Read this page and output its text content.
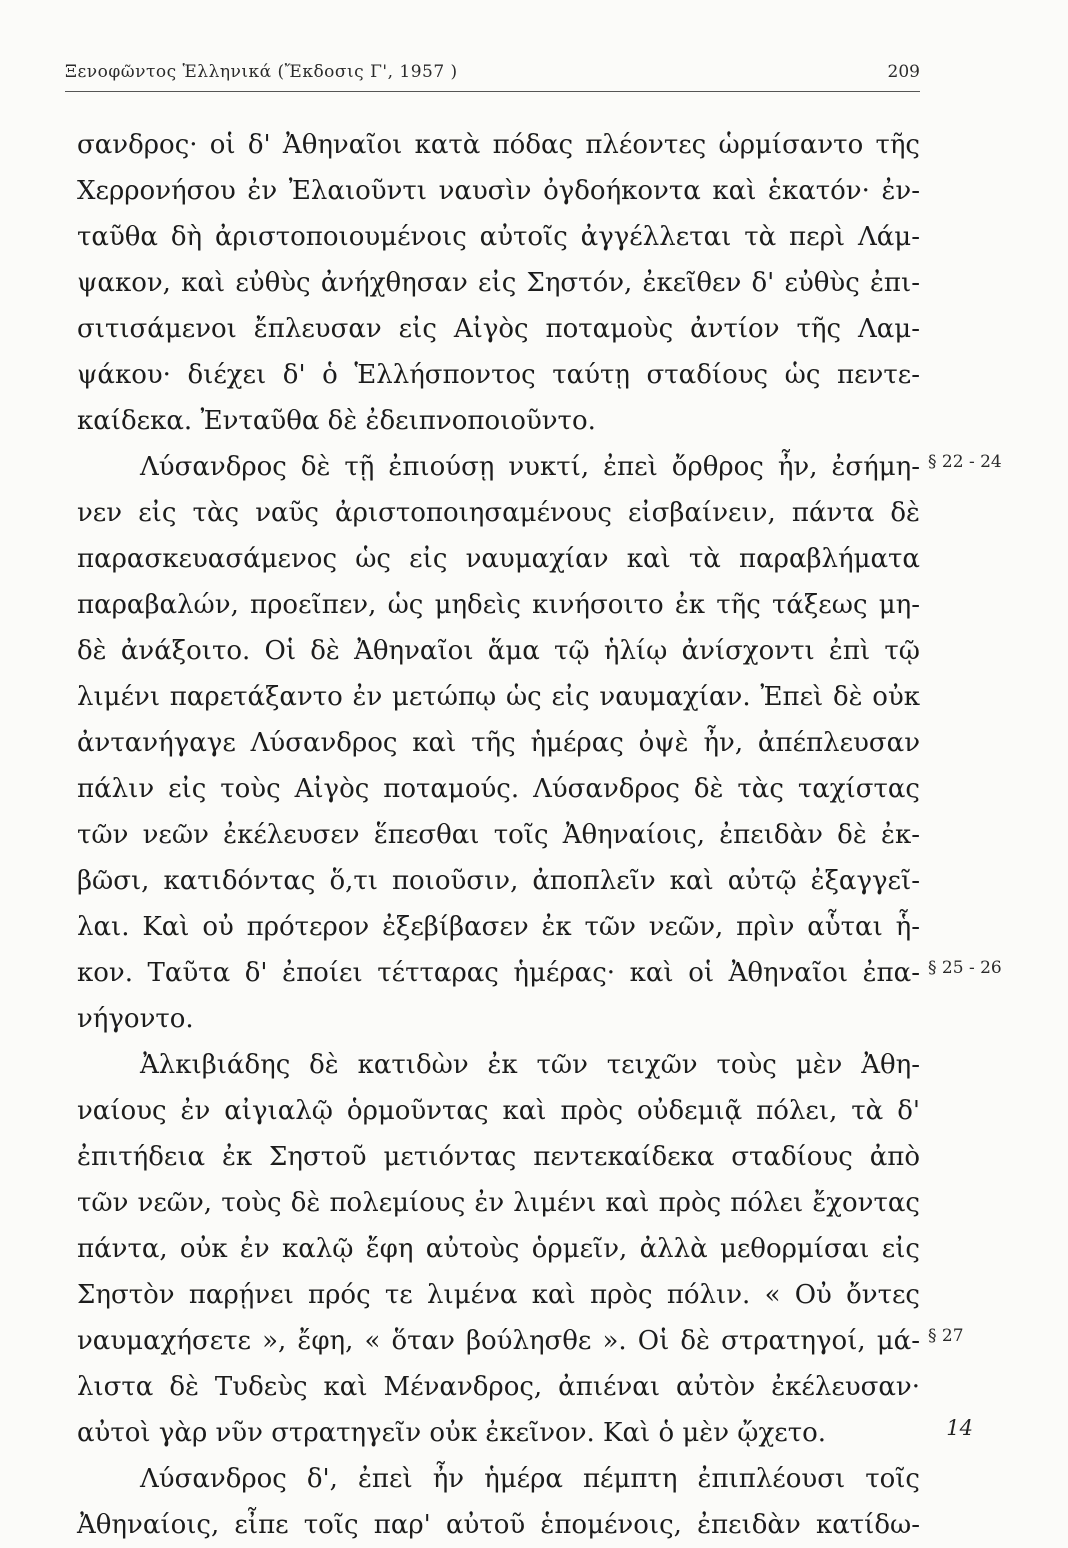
Ξενοφῶντος Ἑλληνικά (Ἔκδοσις Γ', 1957 )	209
σανδρος· οἱ δ' Ἀθηναῖοι κατὰ πόδας πλέοντες ὡρμίσαντο τῆς
Χερρονήσου ἐν Ἐλαιοῦντι ναυσὶν ὀγδοήκοντα καὶ ἑκατόν· ἐν-
ταῦθα δὴ ἀριστοποιουμένοις αὐτοῖς ἀγγέλλεται τὰ περὶ Λάμ-
ψακον, καὶ εὐθὺς ἀνήχθησαν εἰς Σηστόν, ἐκεῖθεν δ' εὐθὺς ἐπι-
σιτισάμενοι ἔπλευσαν εἰς Αἰγὸς ποταμοὺς ἀντίον τῆς Λαμ-
ψάκου· διέχει δ' ὁ Ἑλλήσποντος ταύτῃ σταδίους ὡς πεντε-
καίδεκα. Ἐνταῦθα δὲ ἐδειπνοποιοῦντο.
Λύσανδρος δὲ τῇ ἐπιούσῃ νυκτί, ἐπεὶ ὄρθρος ἦν, ἐσήμη-
νεν εἰς τὰς ναῦς ἀριστοποιησαμένους εἰσβαίνειν, πάντα δὲ
παρασκευασάμενος ὡς εἰς ναυμαχίαν καὶ τὰ παραβλήματα
παραβαλών, προεῖπεν, ὡς μηδεὶς κινήσοιτο ἐκ τῆς τάξεως μη-
δὲ ἀνάξοιτο. Οἱ δὲ Ἀθηναῖοι ἅμα τῷ ἡλίῳ ἀνίσχοντι ἐπὶ τῷ
λιμένι παρετάξαντο ἐν μετώπῳ ὡς εἰς ναυμαχίαν. Ἐπεὶ δὲ οὐκ
ἀντανήγαγε Λύσανδρος καὶ τῆς ἡμέρας ὀψὲ ἦν, ἀπέπλευσαν
πάλιν εἰς τοὺς Αἰγὸς ποταμούς. Λύσανδρος δὲ τὰς ταχίστας
τῶν νεῶν ἐκέλευσεν ἕπεσθαι τοῖς Ἀθηναίοις, ἐπειδὰν δὲ ἐκ-
βῶσι, κατιδόντας ὅ,τι ποιοῦσιν, ἀποπλεῖν καὶ αὐτῷ ἐξαγγεῖ-
λαι. Καὶ οὐ πρότερον ἐξεβίβασεν ἐκ τῶν νεῶν, πρὶν αὗται ἧ-
κον. Ταῦτα δ' ἐποίει τέτταρας ἡμέρας· καὶ οἱ Ἀθηναῖοι ἐπα-
νήγοντο.
Ἀλκιβιάδης δὲ κατιδὼν ἐκ τῶν τειχῶν τοὺς μὲν Ἀθη-
ναίους ἐν αἰγιαλῷ ὁρμοῦντας καὶ πρὸς οὐδεμιᾷ πόλει, τὰ δ'
ἐπιτήδεια ἐκ Σηστοῦ μετιόντας πεντεκαίδεκα σταδίους ἀπὸ
τῶν νεῶν, τοὺς δὲ πολεμίους ἐν λιμένι καὶ πρὸς πόλει ἔχοντας
πάντα, οὐκ ἐν καλῷ ἔφη αὐτοὺς ὁρμεῖν, ἀλλὰ μεθορμίσαι εἰς
Σηστὸν παρῄνει πρός τε λιμένα καὶ πρὸς πόλιν. « Οὐ ὄντες
ναυμαχήσετε », ἔφη, « ὅταν βούλησθε ». Οἱ δὲ στρατηγοί, μά-
λιστα δὲ Τυδεὺς καὶ Μένανδρος, ἀπιέναι αὐτὸν ἐκέλευσαν·
αὐτοὶ γὰρ νῦν στρατηγεῖν οὐκ ἐκεῖνον. Καὶ ὁ μὲν ᾤχετο.
Λύσανδρος δ', ἐπεὶ ἦν ἡμέρα πέμπτη ἐπιπλέουσι τοῖς
Ἀθηναίοις, εἶπε τοῖς παρ' αὐτοῦ ἑπομένοις, ἐπειδὰν κατίδω-
§ 22 - 24
§ 25 - 26
§ 27
14
